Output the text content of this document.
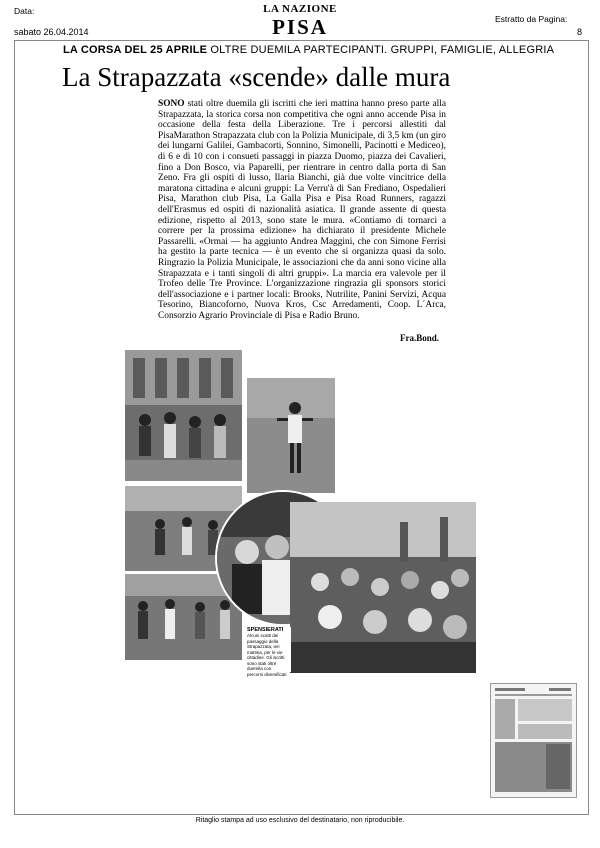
Data:
sabato 26.04.2014
LA NAZIONE
PISA	Estratto da Pagina:
8
LA CORSA DEL 25 APRILE OLTRE DUEMILA PARTECIPANTI. GRUPPI, FAMIGLIE, ALLEGRIA
La Strapazzata «scende» dalle mura
SONO stati oltre duemila gli iscritti che ieri mattina hanno preso parte alla Strapazzata, la storica corsa non competitiva che ogni anno accende Pisa in occasione della festa della Liberazione. Tre i percorsi allestiti dal PisaMarathon Strapazzata club con la Polizia Municipale, di 3,5 km (un giro dei lungarni Galilei, Gambacorti, Sonnino, Simonelli, Pacinotti e Mediceo), di 6 e di 10 con i consueti passaggi in piazza Duomo, piazza dei Cavalieri, fino a Don Bosco, via Paparelli, per rientrare in centro dalla porta di San Zeno. Fra gli ospiti di lusso, Ilaria Bianchi, già due volte vincitrice della maratona cittadina e alcuni gruppi: La Verru'à di San Frediano, Ospedalieri Pisa, Marathon club Pisa, La Galla Pisa e Pisa Road Runners, ragazzi dell'Erasmus ed ospiti di nazionalità asiatica. Il grande assente di questa edizione, rispetto al 2013, sono state le mura. «Contiamo di tornarci a correre per la prossima edizione» ha dichiarato il presidente Michele Passarelli. «Ormai — ha aggiunto Andrea Maggini, che con Simone Ferrisi ha gestito la parte tecnica — è un evento che si organizza quasi da solo. Ringrazio la Polizia Municipale, le associazioni che da anni sono vicine alla Strapazzata e i tanti singoli di altri gruppi». La marcia era valevole per il Trofeo delle Tre Province. L'organizzazione ringrazia gli sponsors storici dell'associazione e i partner locali: Brooks, Nutrilite, Panini Servizi, Acqua Tesorino, Biancoforno, Nuova Kros, Csc Arredamenti, Coop. L´Arca, Consorzio Agrario Provinciale di Pisa e Radio Bruno.
Fra.Bond.
SPENSIERATI
Alcuni scatti dei passaggio della Strapazzata, ieri mattina, per le vie cittadine. Gli iscritti sono stati oltre duemila con percorsi diversificati
Ritaglio stampa ad uso esclusivo del destinatario, non riproducibile.
